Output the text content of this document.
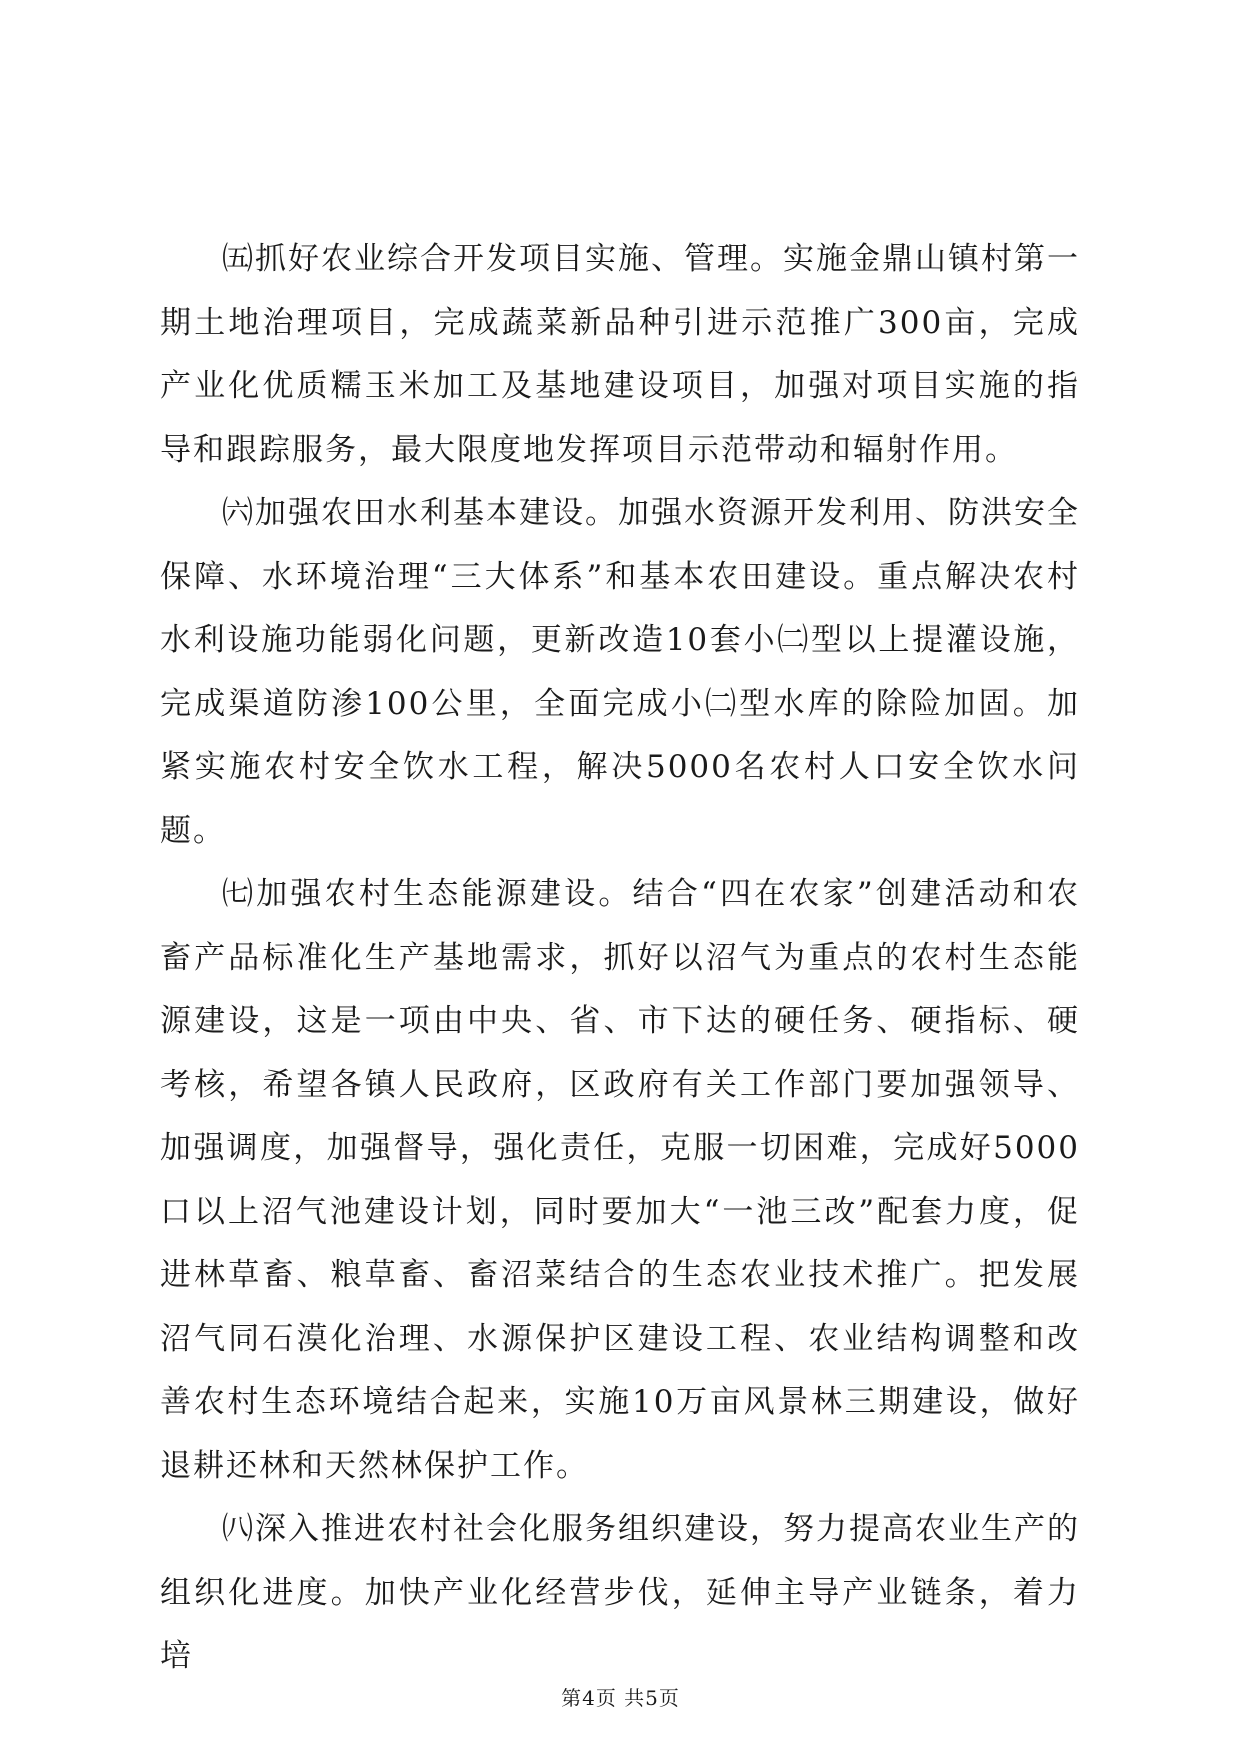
㈤抓好农业综合开发项目实施、管理。实施金鼎山镇村第一期土地治理项目，完成蔬菜新品种引进示范推广300亩，完成产业化优质糯玉米加工及基地建设项目，加强对项目实施的指导和跟踪服务，最大限度地发挥项目示范带动和辐射作用。

㈥加强农田水利基本建设。加强水资源开发利用、防洪安全保障、水环境治理“三大体系”和基本农田建设。重点解决农村水利设施功能弱化问题，更新改造10套小㈡型以上提灌设施，完成渠道防渗100公里，全面完成小㈡型水库的除险加固。加紧实施农村安全饮水工程，解决5000名农村人口安全饮水问题。

㈦加强农村生态能源建设。结合“四在农家”创建活动和农畜产品标准化生产基地需求，抓好以沼气为重点的农村生态能源建设，这是一项由中央、省、市下达的硬任务、硬指标、硬考核，希望各镇人民政府，区政府有关工作部门要加强领导、加强调度，加强督导，强化责任，克服一切困难，完成好5000口以上沼气池建设计划，同时要加大“一池三改”配套力度，促进林草畜、粮草畜、畜沼菜结合的生态农业技术推广。把发展沼气同石漠化治理、水源保护区建设工程、农业结构调整和改善农村生态环境结合起来，实施10万亩风景林三期建设，做好退耕还林和天然林保护工作。

㈧深入推进农村社会化服务组织建设，努力提高农业生产的组织化进度。加快产业化经营步伐，延伸主导产业链条，着力培

第4页 共5页
